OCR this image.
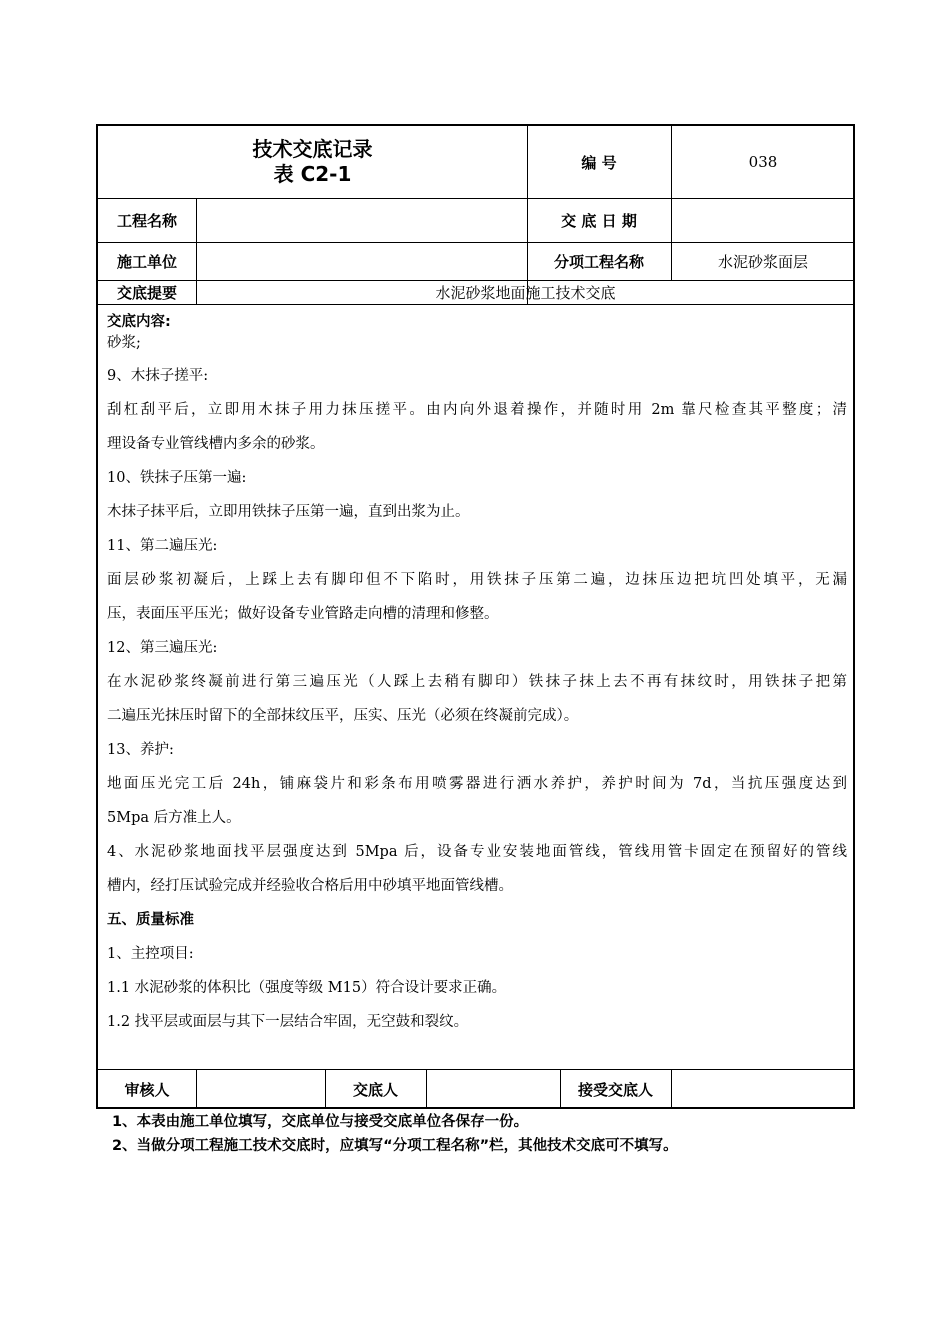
技术交底记录
表 C2-1	编 号	038
工程名称	交 底 日 期
施工单位	分项工程名称	水泥砂浆面层
交底提要	水泥砂浆地面施工技术交底
交底内容:
砂浆;
9、木抹子搓平:
刮杠刮平后，立即用木抹子用力抹压搓平。由内向外退着操作，并随时用 2m 靠尺检查其平整度；清
理设备专业管线槽内多余的砂浆。
10、铁抹子压第一遍:
木抹子抹平后，立即用铁抹子压第一遍，直到出浆为止。
11、第二遍压光:
面层砂浆初凝后，上踩上去有脚印但不下陷时，用铁抹子压第二遍，边抹压边把坑凹处填平，无漏
压，表面压平压光；做好设备专业管路走向槽的清理和修整。
12、第三遍压光:
在水泥砂浆终凝前进行第三遍压光（人踩上去稍有脚印）铁抹子抹上去不再有抹纹时，用铁抹子把第
二遍压光抹压时留下的全部抹纹压平，压实、压光（必须在终凝前完成）。
13、养护:
地面压光完工后 24h，铺麻袋片和彩条布用喷雾器进行洒水养护，养护时间为 7d，当抗压强度达到
5Mpa 后方准上人。
4、水泥砂浆地面找平层强度达到 5Mpa 后，设备专业安装地面管线，管线用管卡固定在预留好的管线
槽内，经打压试验完成并经验收合格后用中砂填平地面管线槽。
五、质量标准
1、主控项目:
1.1 水泥砂浆的体积比（强度等级 M15）符合设计要求正确。
1.2 找平层或面层与其下一层结合牢固，无空鼓和裂纹。
审核人	交底人	接受交底人
1、本表由施工单位填写，交底单位与接受交底单位各保存一份。
2、当做分项工程施工技术交底时，应填写“分项工程名称”栏，其他技术交底可不填写。
